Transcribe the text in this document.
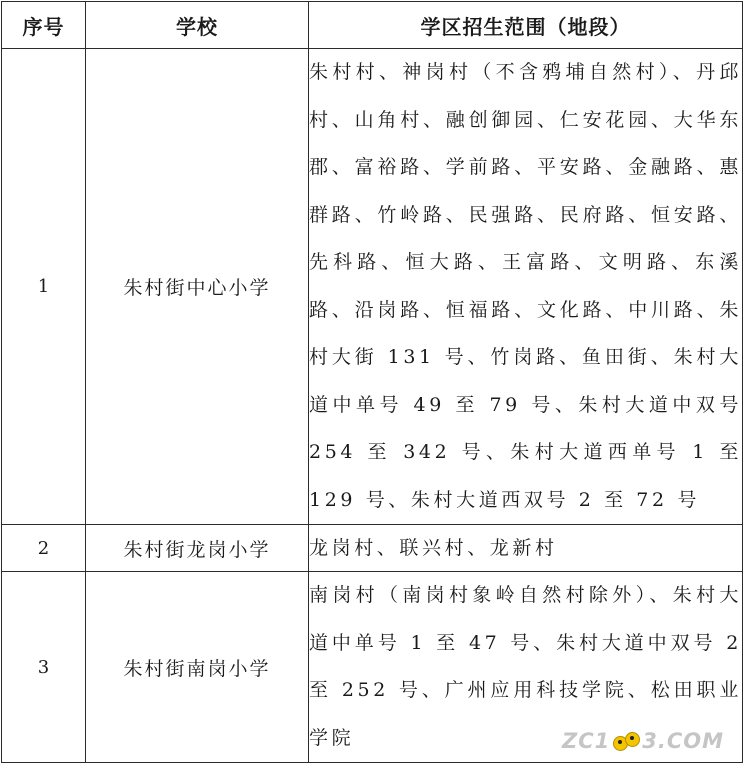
序号	学校	学区招生范围（地段）
1	朱村街中心小学	朱村村、神岗村（不含鸦埔自然村）、丹邱村、山角村、融创御园、仁安花园、大华东郡、富裕路、学前路、平安路、金融路、惠群路、竹岭路、民强路、民府路、恒安路、先科路、恒大路、王富路、文明路、东溪路、沿岗路、恒福路、文化路、中川路、朱村大街 131 号、竹岗路、鱼田街、朱村大道中单号 49 至 79 号、朱村大道中双号 254 至 342 号、朱村大道西单号 1 至 129 号、朱村大道西双号 2 至 72 号
2	朱村街龙岗小学	龙岗村、联兴村、龙新村
3	朱村街南岗小学	南岗村（南岗村象岭自然村除外）、朱村大道中单号 1 至 47 号、朱村大道中双号 2 至 252 号、广州应用科技学院、松田职业学院	ZC1 3.COM
